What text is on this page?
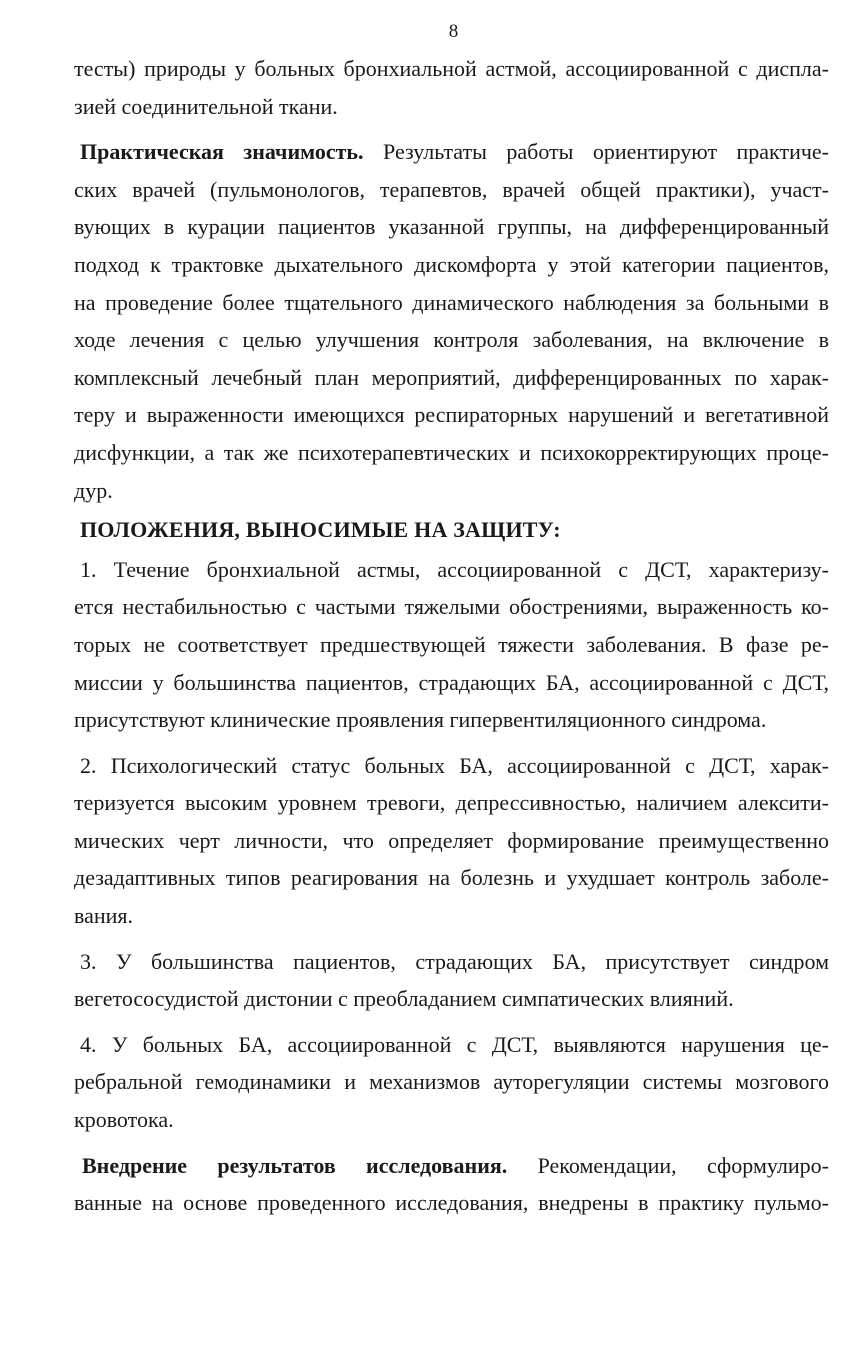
8
тесты) природы у больных бронхиальной астмой, ассоциированной с диспла-
зией соединительной ткани.
Практическая значимость. Результаты работы ориентируют практиче-
ских врачей (пульмонологов, терапевтов, врачей общей практики), участ-
вующих в курации пациентов указанной группы, на дифференцированный
подход к трактовке дыхательного дискомфорта у этой категории пациентов,
на проведение более тщательного динамического наблюдения за больными в
ходе лечения с целью улучшения контроля заболевания, на включение в
комплексный лечебный план мероприятий, дифференцированных по харак-
теру и выраженности имеющихся респираторных нарушений и вегетативной
дисфункции, а так же психотерапевтических и психокорректирующих проце-
дур.
ПОЛОЖЕНИЯ, ВЫНОСИМЫЕ НА ЗАЩИТУ:
1. Течение бронхиальной астмы, ассоциированной с ДСТ, характеризу-
ется нестабильностью с частыми тяжелыми обострениями, выраженность ко-
торых не соответствует предшествующей тяжести заболевания. В фазе ре-
миссии у большинства пациентов, страдающих БА, ассоциированной с ДСТ,
присутствуют клинические проявления гипервентиляционного синдрома.
2. Психологический статус больных БА, ассоциированной с ДСТ, харак-
теризуется высоким уровнем тревоги, депрессивностью, наличием алексити-
мических черт личности, что определяет формирование преимущественно
дезадаптивных типов реагирования на болезнь и ухудшает контроль заболе-
вания.
3. У большинства пациентов, страдающих БА, присутствует синдром
вегетососудистой дистонии с преобладанием симпатических влияний.
4. У больных БА, ассоциированной с ДСТ, выявляются нарушения це-
ребральной гемодинамики и механизмов ауторегуляции системы мозгового
кровотока.
Внедрение результатов исследования. Рекомендации, сформулиро-
ванные на основе проведенного исследования, внедрены в практику пульмо-
